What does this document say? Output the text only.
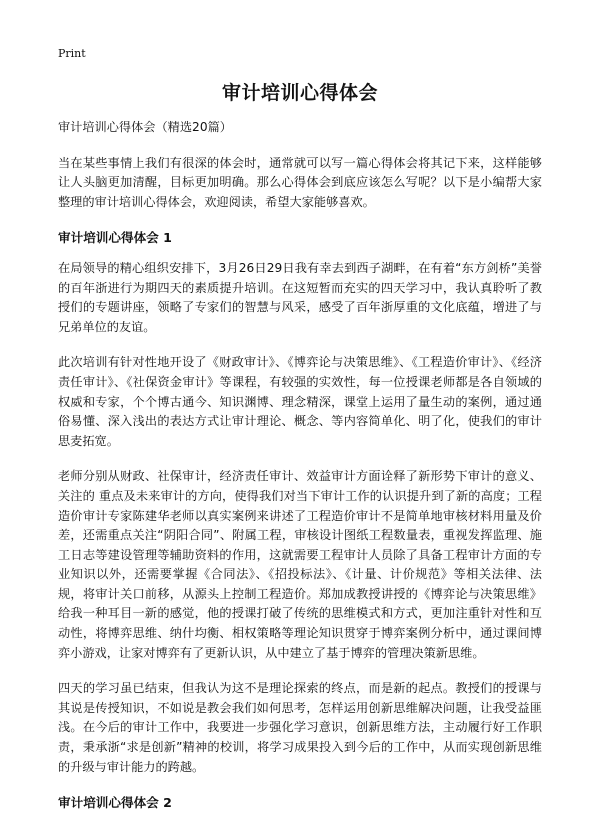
Print
审计培训心得体会

审计培训心得体会（精选20篇）

当在某些事情上我们有很深的体会时，通常就可以写一篇心得体会将其记下来，这样能够让人头脑更加清醒，目标更加明确。那么心得体会到底应该怎么写呢？以下是小编帮大家整理的审计培训心得体会，欢迎阅读，希望大家能够喜欢。

审计培训心得体会 1

在局领导的精心组织安排下，3月26日29日我有幸去到西子湖畔，在有着“东方剑桥”美誉的百年浙进行为期四天的素质提升培训。在这短暂而充实的四天学习中，我认真聆听了教授们的专题讲座，领略了专家们的智慧与风采，感受了百年浙厚重的文化底蕴，增进了与兄弟单位的友谊。

此次培训有针对性地开设了《财政审计》、《博弈论与决策思维》、《工程造价审计》、《经济责任审计》、《社保资金审计》等课程，有较强的实效性，每一位授课老师都是各自领域的权威和专家，个个博古通今、知识渊博、理念精深，课堂上运用了量生动的案例，通过通俗易懂、深入浅出的表达方式让审计理论、概念、等内容简单化、明了化，使我们的审计思麦拓宽。

老师分别从财政、社保审计，经济责任审计、效益审计方面诠释了新形势下审计的意义、关注的 重点及未来审计的方向，使得我们对当下审计工作的认识提升到了新的高度；工程造价审计专家陈建华老师以真实案例来讲述了工程造价审计不是简单地审核材料用量及价差，还需重点关注“阴阳合同”、附属工程，审核设计图纸工程数量表，重视发挥监理、施工日志等建设管理等辅助资料的作用，这就需要工程审计人员除了具备工程审计方面的专业知识以外，还需要掌握《合同法》、《招投标法》、《计量、计价规范》等相关法律、法规，将审计关口前移，从源头上控制工程造价。郑加成教授讲授的《博弈论与决策思维》给我一种耳目一新的感觉，他的授课打破了传统的思维模式和方式，更加注重针对性和互动性，将博弈思维、纳什均衡、相权策略等理论知识贯穿于博弈案例分析中，通过课间博弈小游戏，让家对博弈有了更新认识，从中建立了基于博弈的管理决策新思维。

四天的学习虽已结束，但我认为这不是理论探索的终点，而是新的起点。教授们的授课与其说是传授知识，不如说是教会我们如何思考，怎样运用创新思维解决问题，让我受益匪浅。在今后的审计工作中，我要进一步强化学习意识，创新思维方法，主动履行好工作职责，秉承浙“求是创新”精神的校训，将学习成果投入到今后的工作中，从而实现创新思维的升级与审计能力的跨越。

审计培训心得体会 2
